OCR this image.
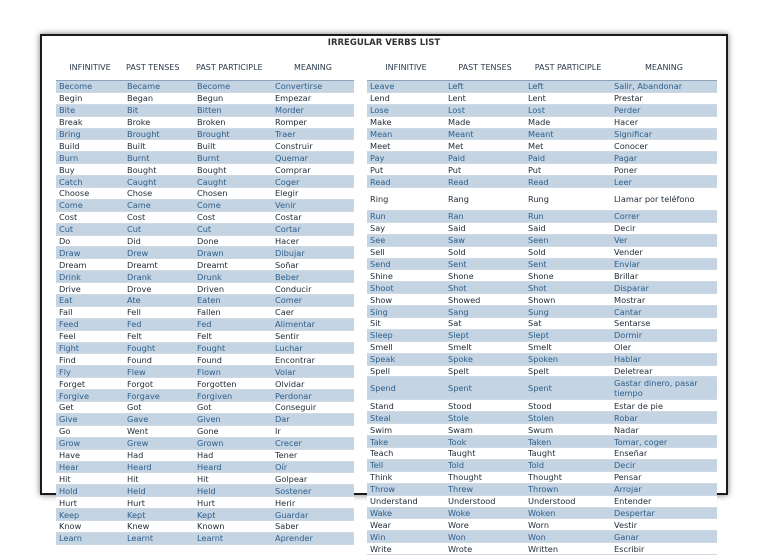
IRREGULAR VERBS LIST
INFINITIVE	PAST TENSES	PAST PARTICIPLE	MEANING
Become	Became	Become	Convertirse
Begin	Began	Begun	Empezar
Bite	Bit	Bitten	Morder
Break	Broke	Broken	Romper
Bring	Brought	Brought	Traer
Build	Built	Built	Construir
Burn	Burnt	Burnt	Quemar
Buy	Bought	Bought	Comprar
Catch	Caught	Caught	Coger
Choose	Chose	Chosen	Elegir
Come	Came	Come	Venir
Cost	Cost	Cost	Costar
Cut	Cut	Cut	Cortar
Do	Did	Done	Hacer
Draw	Drew	Drawn	Dibujar
Dream	Dreamt	Dreamt	Soñar
Drink	Drank	Drunk	Beber
Drive	Drove	Driven	Conducir
Eat	Ate	Eaten	Comer
Fall	Fell	Fallen	Caer
Feed	Fed	Fed	Alimentar
Feel	Felt	Felt	Sentir
Fight	Fought	Fought	Luchar
Find	Found	Found	Encontrar
Fly	Flew	Flown	Volar
Forget	Forgot	Forgotten	Olvidar
Forgive	Forgave	Forgiven	Perdonar
Get	Got	Got	Conseguir
Give	Gave	Given	Dar
Go	Went	Gone	Ir
Grow	Grew	Grown	Crecer
Have	Had	Had	Tener
Hear	Heard	Heard	Oír
Hit	Hit	Hit	Golpear
Hold	Held	Held	Sostener
Hurt	Hurt	Hurt	Herir
Keep	Kept	Kept	Guardar
Know	Knew	Known	Saber
Learn	Learnt	Learnt	Aprender
INFINITIVE	PAST TENSES	PAST PARTICIPLE	MEANING
Leave	Left	Left	Salir, Abandonar
Lend	Lent	Lent	Prestar
Lose	Lost	Lost	Perder
Make	Made	Made	Hacer
Mean	Meant	Meant	Significar
Meet	Met	Met	Conocer
Pay	Paid	Paid	Pagar
Put	Put	Put	Poner
Read	Read	Read	Leer
Ring	Rang	Rung	Llamar por teléfono
Run	Ran	Run	Correr
Say	Said	Said	Decir
See	Saw	Seen	Ver
Sell	Sold	Sold	Vender
Send	Sent	Sent	Enviar
Shine	Shone	Shone	Brillar
Shoot	Shot	Shot	Disparar
Show	Showed	Shown	Mostrar
Sing	Sang	Sung	Cantar
Sit	Sat	Sat	Sentarse
Sleep	Slept	Slept	Dormir
Smell	Smelt	Smelt	Oler
Speak	Spoke	Spoken	Hablar
Spell	Spelt	Spelt	Deletrear
Spend	Spent	Spent	Gastar dinero, pasar tiempo
Stand	Stood	Stood	Estar de pie
Steal	Stole	Stolen	Robar
Swim	Swam	Swum	Nadar
Take	Took	Taken	Tomar, coger
Teach	Taught	Taught	Enseñar
Tell	Told	Told	Decir
Think	Thought	Thought	Pensar
Throw	Threw	Thrown	Arrojar
Understand	Understood	Understood	Entender
Wake	Woke	Woken	Despertar
Wear	Wore	Worn	Vestir
Win	Won	Won	Ganar
Write	Wrote	Written	Escribir
